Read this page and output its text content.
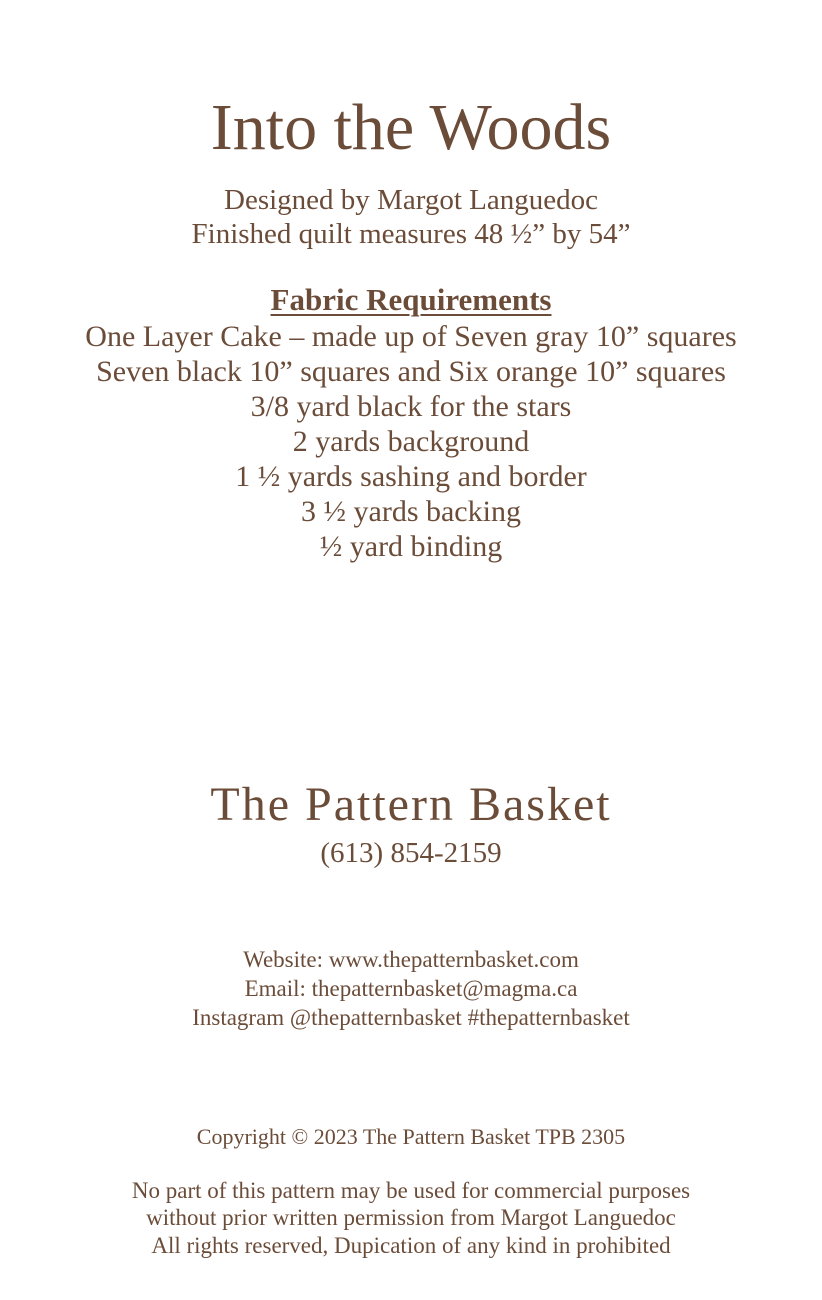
Into the Woods
Designed by Margot Languedoc
Finished quilt measures 48 ½” by 54”
Fabric Requirements
One Layer Cake – made up of Seven gray 10” squares
Seven black 10” squares and Six orange 10” squares
3/8 yard black for the stars
2 yards background
1 ½ yards sashing and border
3 ½ yards backing
½ yard binding
The Pattern Basket
(613) 854-2159
Website: www.thepatternbasket.com
Email: thepatternbasket@magma.ca
Instagram @thepatternbasket #thepatternbasket
Copyright © 2023 The Pattern Basket TPB 2305
No part of this pattern may be used for commercial purposes
without prior written permission from Margot Languedoc
All rights reserved, Dupication of any kind in prohibited
